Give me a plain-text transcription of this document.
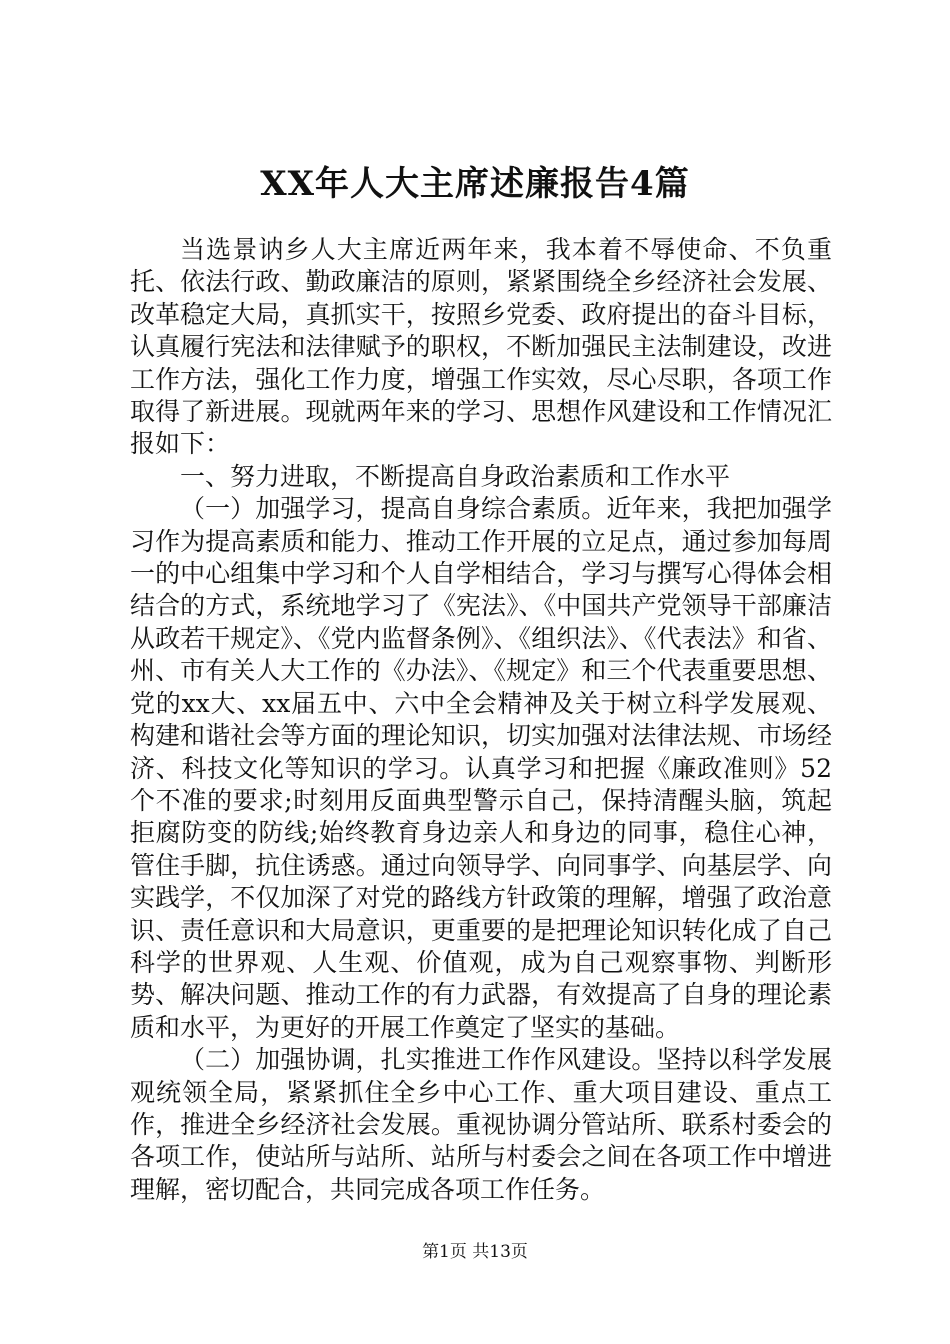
XX年人大主席述廉报告4篇

当选景讷乡人大主席近两年来，我本着不辱使命、不负重托、依法行政、勤政廉洁的原则，紧紧围绕全乡经济社会发展、改革稳定大局，真抓实干，按照乡党委、政府提出的奋斗目标，认真履行宪法和法律赋予的职权，不断加强民主法制建设，改进工作方法，强化工作力度，增强工作实效，尽心尽职，各项工作取得了新进展。现就两年来的学习、思想作风建设和工作情况汇报如下：

一、努力进取，不断提高自身政治素质和工作水平

（一）加强学习，提高自身综合素质。近年来，我把加强学习作为提高素质和能力、推动工作开展的立足点，通过参加每周一的中心组集中学习和个人自学相结合，学习与撰写心得体会相结合的方式，系统地学习了《宪法》、《中国共产党领导干部廉洁从政若干规定》、《党内监督条例》、《组织法》、《代表法》和省、州、市有关人大工作的《办法》、《规定》和三个代表重要思想、党的xx大、xx届五中、六中全会精神及关于树立科学发展观、构建和谐社会等方面的理论知识，切实加强对法律法规、市场经济、科技文化等知识的学习。认真学习和把握《廉政准则》52个不准的要求;时刻用反面典型警示自己，保持清醒头脑，筑起拒腐防变的防线;始终教育身边亲人和身边的同事，稳住心神，管住手脚，抗住诱惑。通过向领导学、向同事学、向基层学、向实践学，不仅加深了对党的路线方针政策的理解，增强了政治意识、责任意识和大局意识，更重要的是把理论知识转化成了自己科学的世界观、人生观、价值观，成为自己观察事物、判断形势、解决问题、推动工作的有力武器，有效提高了自身的理论素质和水平，为更好的开展工作奠定了坚实的基础。

（二）加强协调，扎实推进工作作风建设。坚持以科学发展观统领全局，紧紧抓住全乡中心工作、重大项目建设、重点工作，推进全乡经济社会发展。重视协调分管站所、联系村委会的各项工作，使站所与站所、站所与村委会之间在各项工作中增进理解，密切配合，共同完成各项工作任务。

第1页 共13页
